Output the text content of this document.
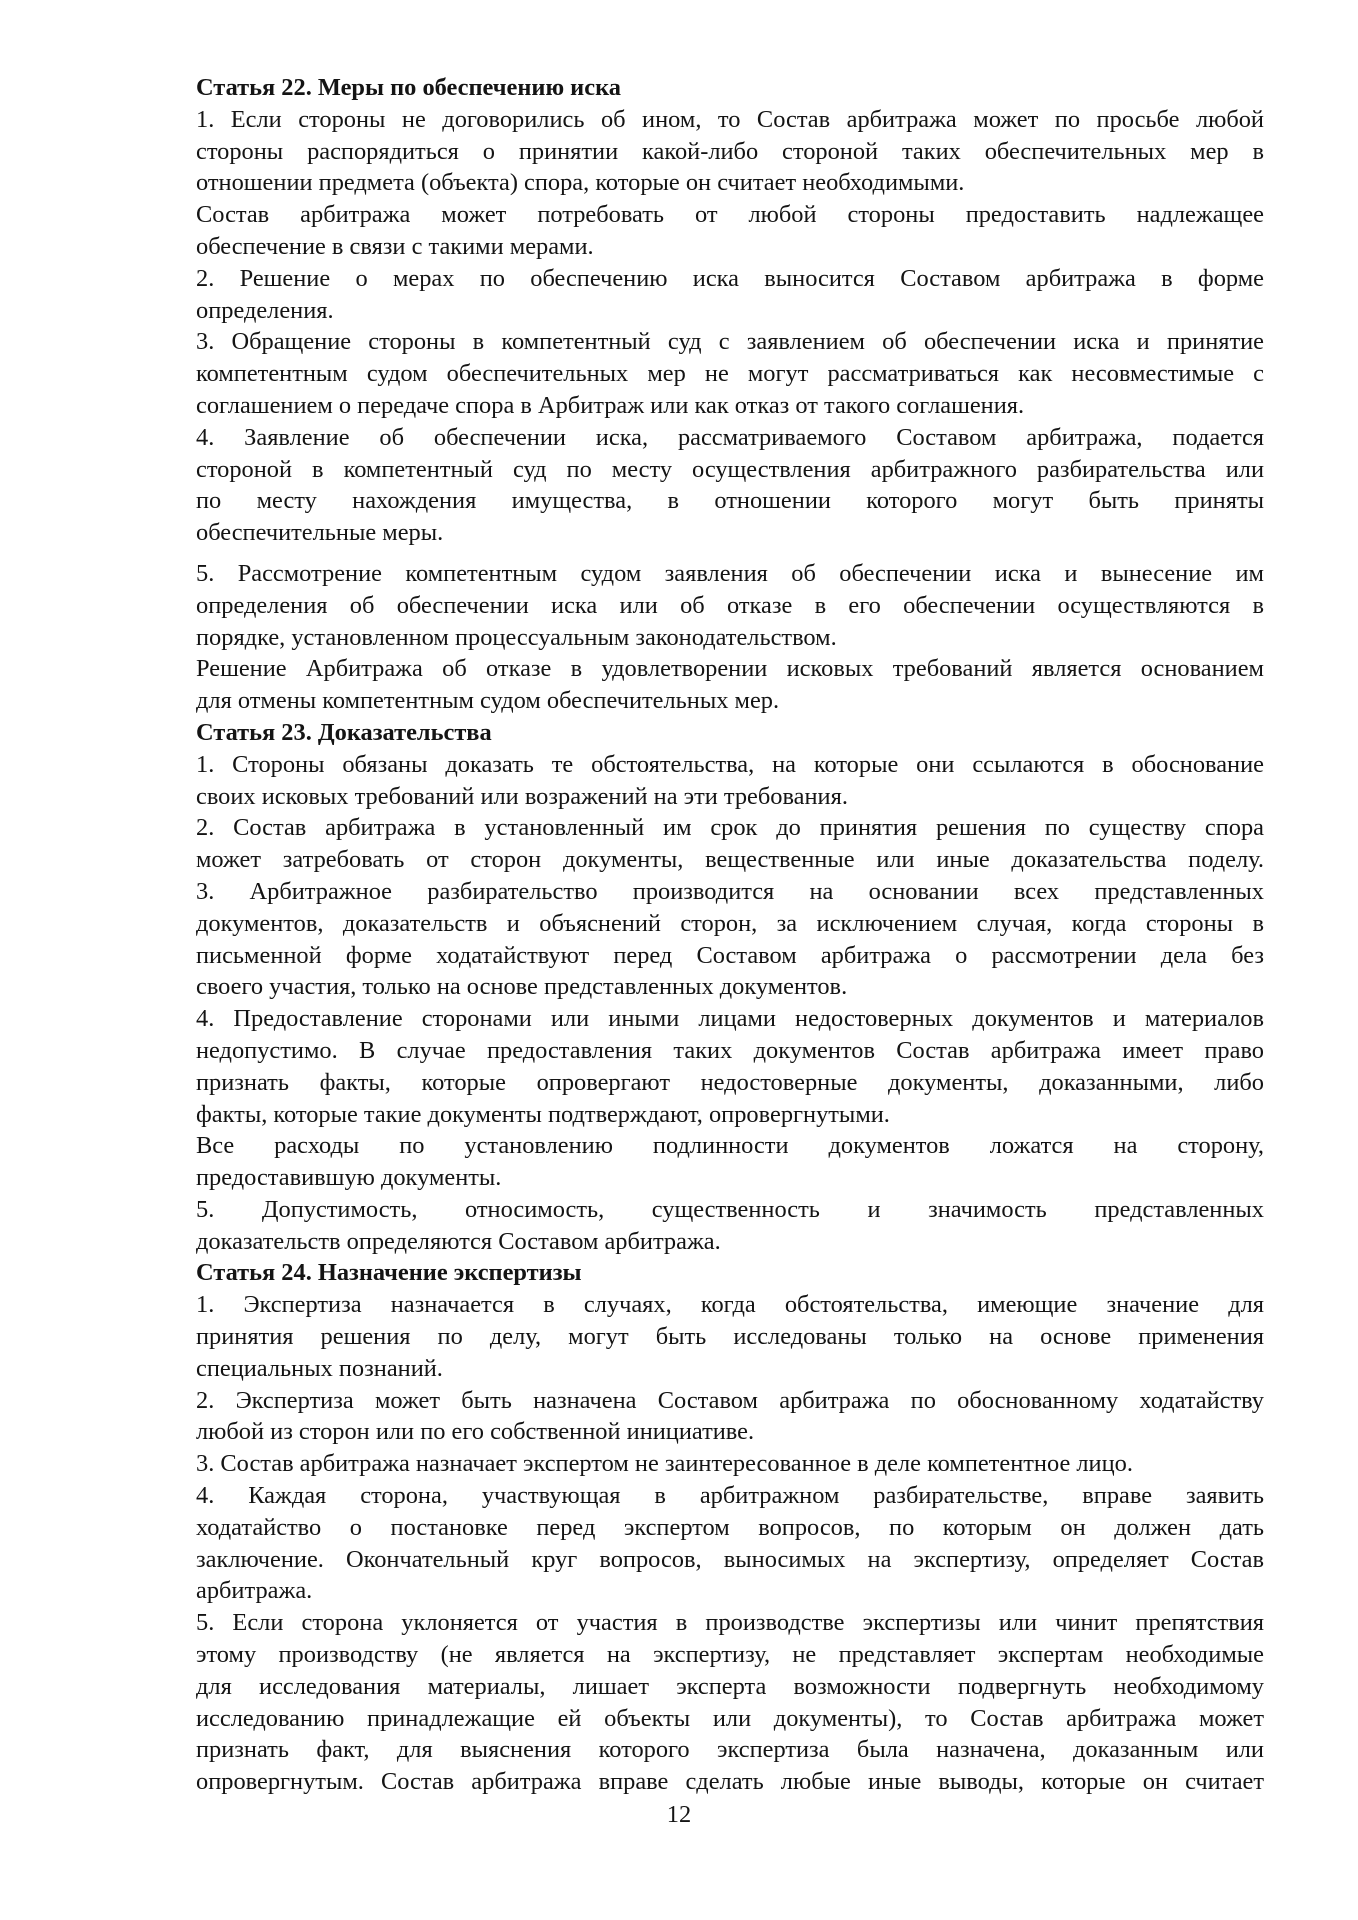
Статья 22. Меры по обеспечению иска

1. Если стороны не договорились об ином, то Состав арбитража может по просьбе любой

стороны распорядиться о принятии какой-либо стороной таких обеспечительных мер в

отношении предмета (объекта) спора, которые он считает необходимыми.

Состав арбитража может потребовать от любой стороны предоставить надлежащее

обеспечение в связи с такими мерами.

2. Решение о мерах по обеспечению иска выносится Составом арбитража в форме

определения.

3. Обращение стороны в компетентный суд с заявлением об обеспечении иска и принятие

компетентным судом обеспечительных мер не могут рассматриваться как несовместимые с

соглашением о передаче спора в Арбитраж или как отказ от такого соглашения.

4. Заявление об обеспечении иска, рассматриваемого Составом арбитража, подается

стороной в компетентный суд по месту осуществления арбитражного разбирательства или

по месту нахождения имущества, в отношении которого могут быть приняты

обеспечительные меры.

5. Рассмотрение компетентным судом заявления об обеспечении иска и вынесение им

определения об обеспечении иска или об отказе в его обеспечении осуществляются в

порядке, установленном процессуальным законодательством.

Решение Арбитража об отказе в удовлетворении исковых требований является основанием

для отмены компетентным судом обеспечительных мер.

Статья 23. Доказательства

1. Стороны обязаны доказать те обстоятельства, на которые они ссылаются в обоснование

своих исковых требований или возражений на эти требования.

2. Состав арбитража в установленный им срок до принятия решения по существу спора

может затребовать от сторон документы, вещественные или иные доказательства поделу.

3. Арбитражное разбирательство производится на основании всех представленных

документов, доказательств и объяснений сторон, за исключением случая, когда стороны в

письменной форме ходатайствуют перед Составом арбитража о рассмотрении дела без

своего участия, только на основе представленных документов.

4. Предоставление сторонами или иными лицами недостоверных документов и материалов

недопустимо. В случае предоставления таких документов Состав арбитража имеет право

признать факты, которые опровергают недостоверные документы, доказанными, либо

факты, которые такие документы подтверждают, опровергнутыми.

Все расходы по установлению подлинности документов ложатся на сторону,

предоставившую документы.

5. Допустимость, относимость, существенность и значимость представленных

доказательств определяются Составом арбитража.

Статья 24. Назначение экспертизы

1. Экспертиза назначается в случаях, когда обстоятельства, имеющие значение для

принятия решения по делу, могут быть исследованы только на основе применения

специальных познаний.

2. Экспертиза может быть назначена Составом арбитража по обоснованному ходатайству

любой из сторон или по его собственной инициативе.

3. Состав арбитража назначает экспертом не заинтересованное в деле компетентное лицо.

4. Каждая сторона, участвующая в арбитражном разбирательстве, вправе заявить

ходатайство о постановке перед экспертом вопросов, по которым он должен дать

заключение. Окончательный круг вопросов, выносимых на экспертизу, определяет Состав

арбитража.

5. Если сторона уклоняется от участия в производстве экспертизы или чинит препятствия

этому производству (не является на экспертизу, не представляет экспертам необходимые

для исследования материалы, лишает эксперта возможности подвергнуть необходимому

исследованию принадлежащие ей объекты или документы), то Состав арбитража может

признать факт, для выяснения которого экспертиза была назначена, доказанным или

опровергнутым. Состав арбитража вправе сделать любые иные выводы, которые он считает

12
